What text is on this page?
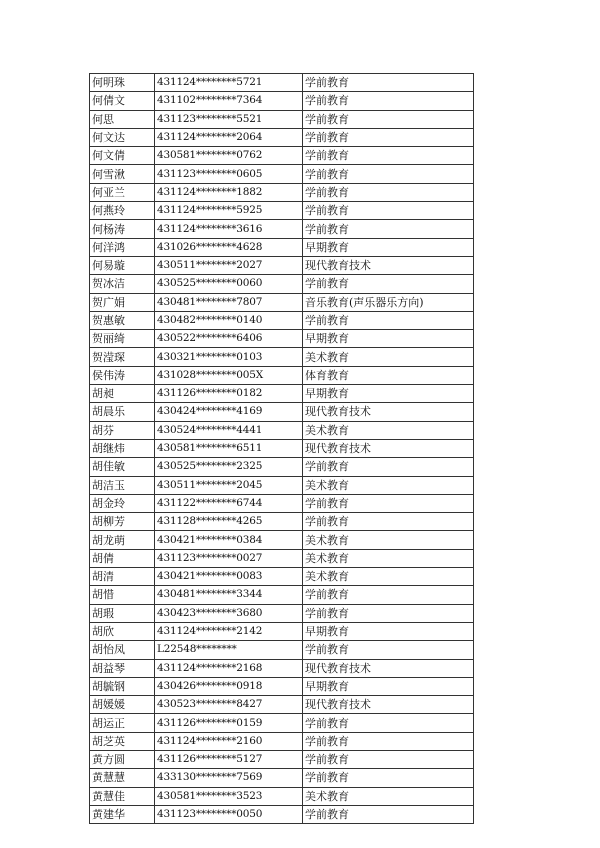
何明珠	431124********5721	学前教育
何倩文	431102********7364	学前教育
何思	431123********5521	学前教育
何文达	431124********2064	学前教育
何文倩	430581********0762	学前教育
何雪湫	431123********0605	学前教育
何亚兰	431124********1882	学前教育
何燕玲	431124********5925	学前教育
何杨涛	431124********3616	学前教育
何洋鸿	431026********4628	早期教育
何易璇	430511********2027	现代教育技术
贺冰洁	430525********0060	学前教育
贺广娟	430481********7807	音乐教育(声乐器乐方向)
贺惠敏	430482********0140	学前教育
贺丽绮	430522********6406	早期教育
贺滢琛	430321********0103	美术教育
侯伟涛	431028********005X	体育教育
胡昶	431126********0182	早期教育
胡晨乐	430424********4169	现代教育技术
胡芬	430524********4441	美术教育
胡继炜	430581********6511	现代教育技术
胡佳敏	430525********2325	学前教育
胡洁玉	430511********2045	美术教育
胡金玲	431122********6744	学前教育
胡柳芳	431128********4265	学前教育
胡龙萌	430421********0384	美术教育
胡倩	431123********0027	美术教育
胡清	430421********0083	美术教育
胡惜	430481********3344	学前教育
胡瑕	430423********3680	学前教育
胡欣	431124********2142	早期教育
胡怡凤	L22548********	学前教育
胡益琴	431124********2168	现代教育技术
胡毓钢	430426********0918	早期教育
胡媛媛	430523********8427	现代教育技术
胡运正	431126********0159	学前教育
胡芝英	431124********2160	学前教育
黄方圆	431126********5127	学前教育
黄慧慧	433130********7569	学前教育
黄慧佳	430581********3523	美术教育
黄建华	431123********0050	学前教育
